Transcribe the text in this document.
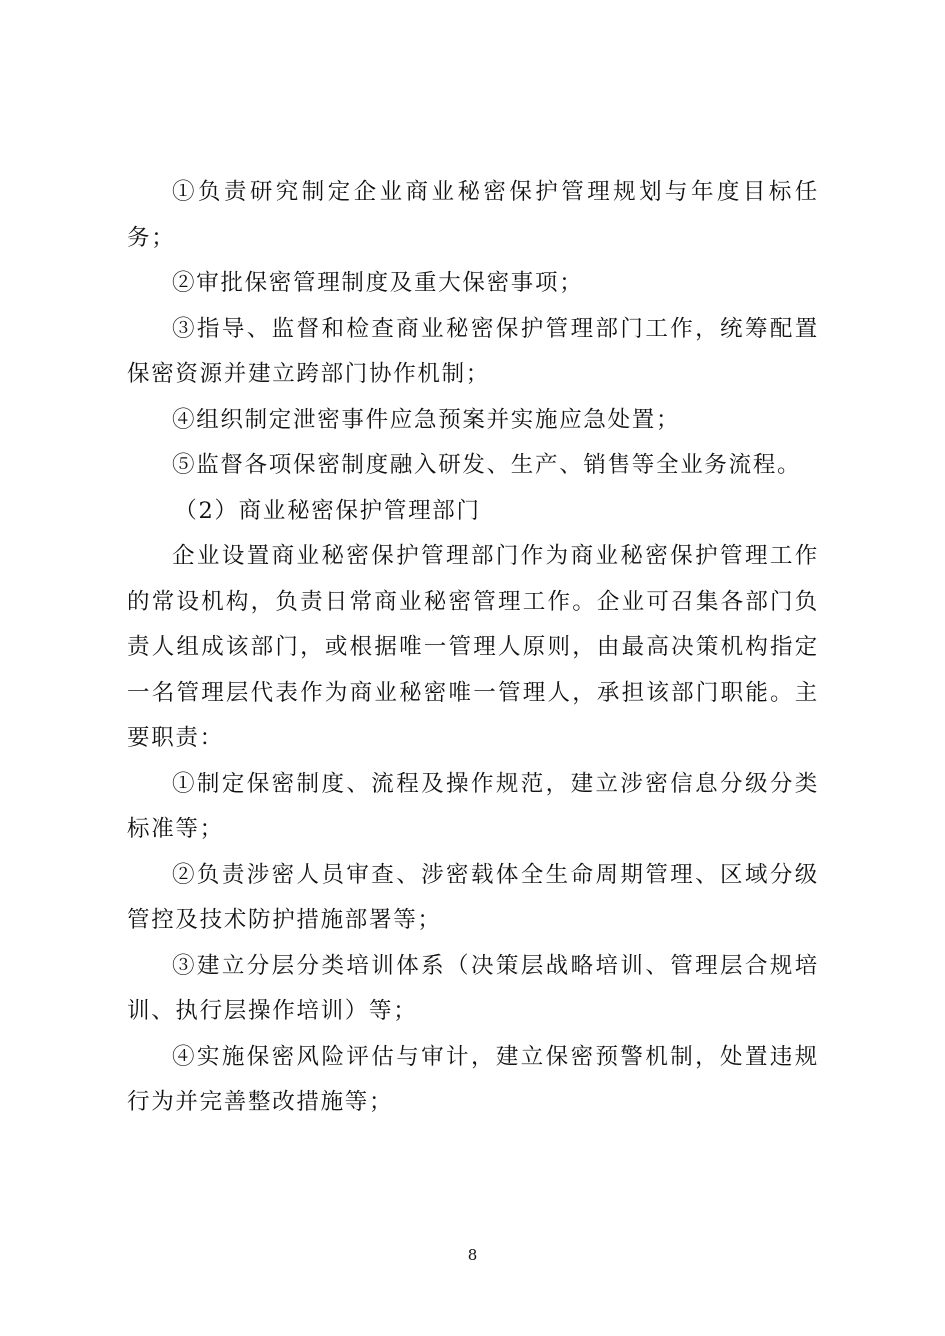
①负责研究制定企业商业秘密保护管理规划与年度目标任务；

②审批保密管理制度及重大保密事项；

③指导、监督和检查商业秘密保护管理部门工作，统筹配置保密资源并建立跨部门协作机制；

④组织制定泄密事件应急预案并实施应急处置；

⑤监督各项保密制度融入研发、生产、销售等全业务流程。

（2）商业秘密保护管理部门

企业设置商业秘密保护管理部门作为商业秘密保护管理工作的常设机构，负责日常商业秘密管理工作。企业可召集各部门负责人组成该部门，或根据唯一管理人原则，由最高决策机构指定一名管理层代表作为商业秘密唯一管理人，承担该部门职能。主要职责：

①制定保密制度、流程及操作规范，建立涉密信息分级分类标准等；

②负责涉密人员审查、涉密载体全生命周期管理、区域分级管控及技术防护措施部署等；

③建立分层分类培训体系（决策层战略培训、管理层合规培训、执行层操作培训）等；

④实施保密风险评估与审计，建立保密预警机制，处置违规行为并完善整改措施等；

8
